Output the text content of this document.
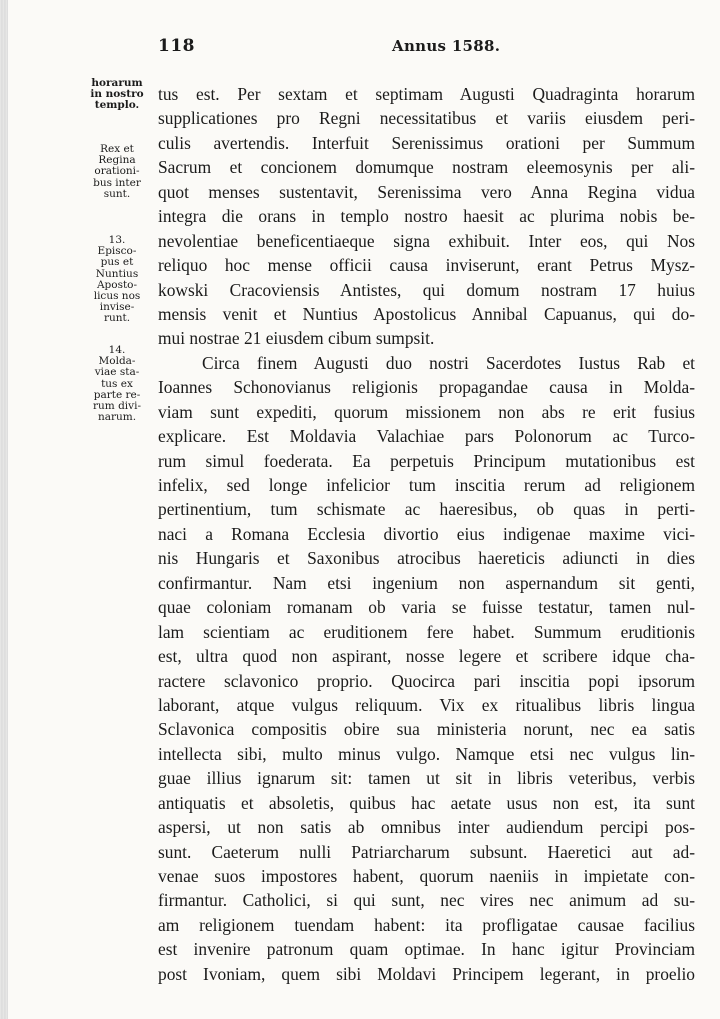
118	Annus 1588.
horarum
in nostro
templo.
Rex et
Regina
orationi-
bus inter
sunt.
13.
Episco-
pus et
Nuntius
Aposto-
licus nos
invise-
runt.
14.
Molda-
viae sta-
tus ex
parte re-
rum divi-
narum.
tus est. Per sextam et septimam Augusti Quadraginta horarum
supplicationes pro Regni necessitatibus et variis eiusdem peri-
culis avertendis. Interfuit Serenissimus orationi per Summum
Sacrum et concionem domumque nostram eleemosynis per ali-
quot menses sustentavit, Serenissima vero Anna Regina vidua
integra die orans in templo nostro haesit ac plurima nobis be-
nevolentiae beneficentiaeque signa exhibuit. Inter eos, qui Nos
reliquo hoc mense officii causa inviserunt, erant Petrus Mysz-
kowski Cracoviensis Antistes, qui domum nostram 17 huius
mensis venit et Nuntius Apostolicus Annibal Capuanus, qui do-
mui nostrae 21 eiusdem cibum sumpsit.
Circa finem Augusti duo nostri Sacerdotes Iustus Rab et
Ioannes Schonovianus religionis propagandae causa in Molda-
viam sunt expediti, quorum missionem non abs re erit fusius
explicare. Est Moldavia Valachiae pars Polonorum ac Turco-
rum simul foederata. Ea perpetuis Principum mutationibus est
infelix, sed longe infelicior tum inscitia rerum ad religionem
pertinentium, tum schismate ac haeresibus, ob quas in perti-
naci a Romana Ecclesia divortio eius indigenae maxime vici-
nis Hungaris et Saxonibus atrocibus haereticis adiuncti in dies
confirmantur. Nam etsi ingenium non aspernandum sit genti,
quae coloniam romanam ob varia se fuisse testatur, tamen nul-
lam scientiam ac eruditionem fere habet. Summum eruditionis
est, ultra quod non aspirant, nosse legere et scribere idque cha-
ractere sclavonico proprio. Quocirca pari inscitia popi ipsorum
laborant, atque vulgus reliquum. Vix ex ritualibus libris lingua
Sclavonica compositis obire sua ministeria norunt, nec ea satis
intellecta sibi, multo minus vulgo. Namque etsi nec vulgus lin-
guae illius ignarum sit: tamen ut sit in libris veteribus, verbis
antiquatis et absoletis, quibus hac aetate usus non est, ita sunt
aspersi, ut non satis ab omnibus inter audiendum percipi pos-
sunt. Caeterum nulli Patriarcharum subsunt. Haeretici aut ad-
venae suos impostores habent, quorum naeniis in impietate con-
firmantur. Catholici, si qui sunt, nec vires nec animum ad su-
am religionem tuendam habent: ita profligatae causae facilius
est invenire patronum quam optimae. In hanc igitur Provinciam
post Ivoniam, quem sibi Moldavi Principem legerant, in proelio
